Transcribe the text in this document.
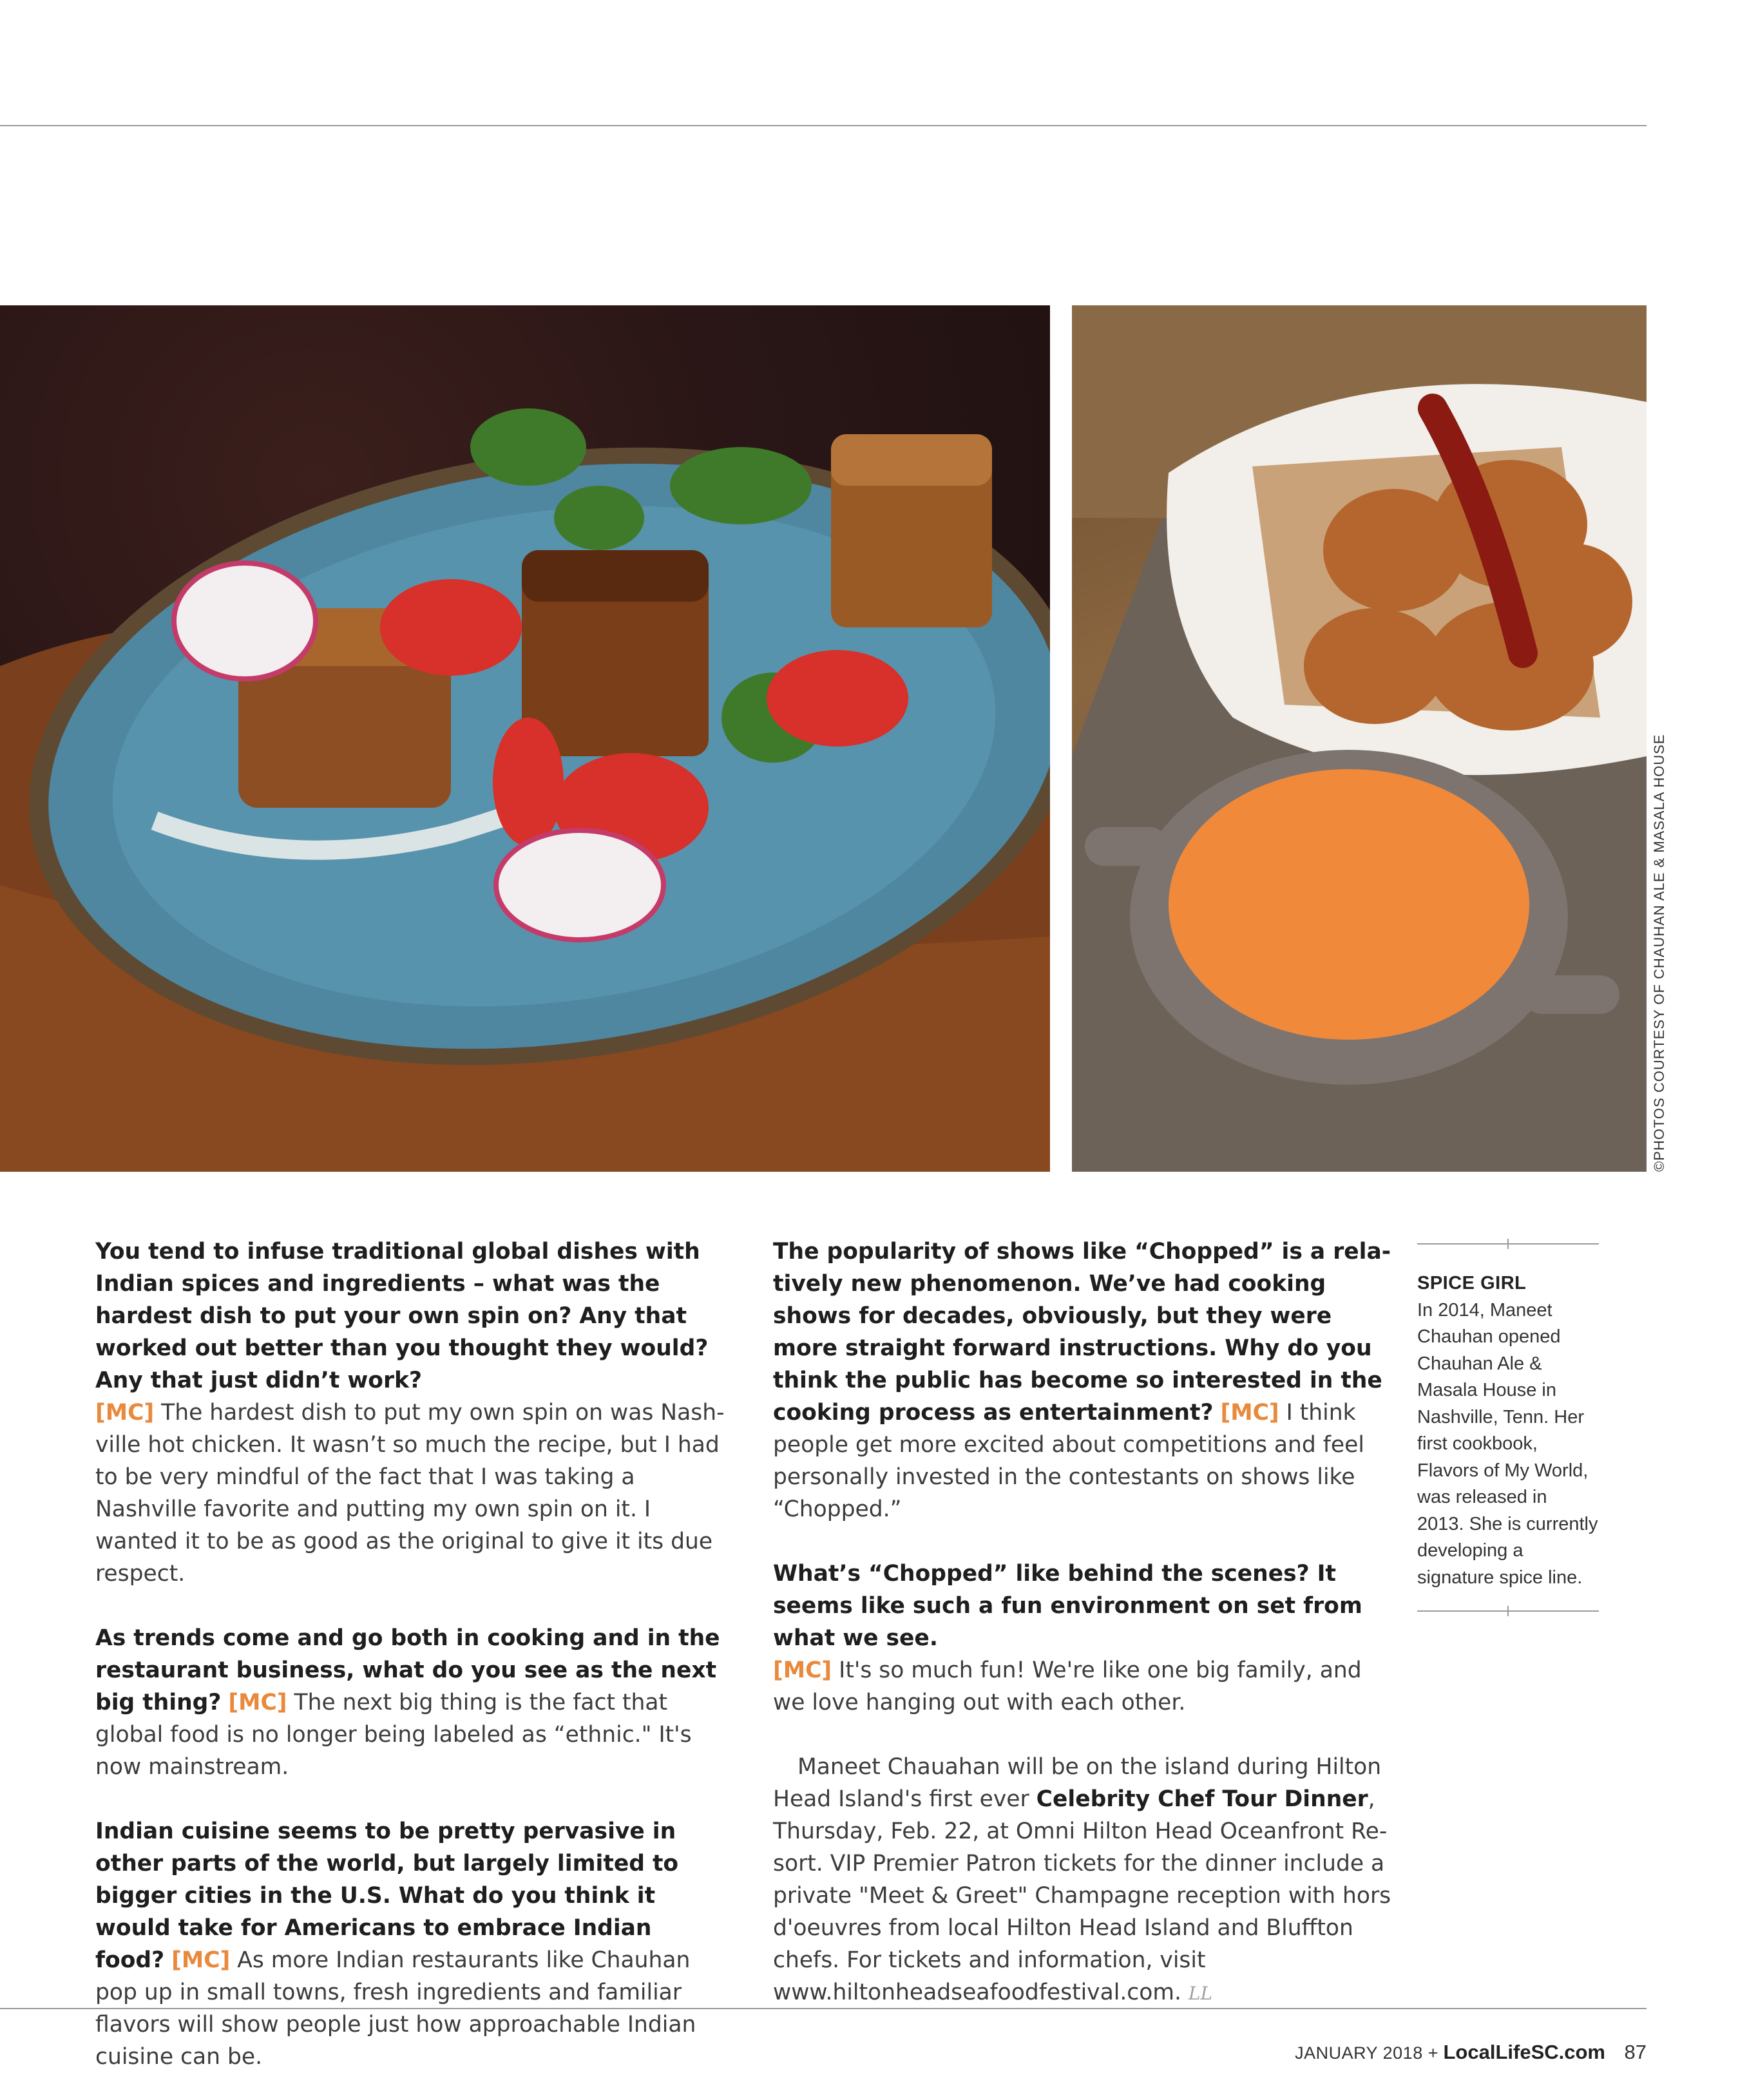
©PHOTOS COURTESY OF CHAUHAN ALE & MASALA HOUSE

You tend to infuse traditional global dishes with Indian spices and ingredients – what was the hardest dish to put your own spin on? Any that worked out better than you thought they would? Any that just didn’t work?
[MC] The hardest dish to put my own spin on was Nashville hot chicken. It wasn’t so much the recipe, but I had to be very mindful of the fact that I was taking a Nashville favorite and putting my own spin on it. I wanted it to be as good as the original to give it its due respect.

As trends come and go both in cooking and in the restaurant business, what do you see as the next big thing? [MC] The next big thing is the fact that global food is no longer being labeled as “ethnic." It's now mainstream.

Indian cuisine seems to be pretty pervasive in other parts of the world, but largely limited to bigger cities in the U.S. What do you think it would take for Americans to embrace Indian food? [MC] As more Indian restaurants like Chauhan pop up in small towns, fresh ingredients and familiar flavors will show people just how approachable Indian cuisine can be.

The popularity of shows like “Chopped” is a relatively new phenomenon. We’ve had cooking shows for decades, obviously, but they were more straight forward instructions. Why do you think the public has become so interested in the cooking process as entertainment? [MC] I think people get more excited about competitions and feel personally invested in the contestants on shows like “Chopped.”

What’s “Chopped” like behind the scenes? It seems like such a fun environment on set from what we see.
[MC] It's so much fun! We're like one big family, and we love hanging out with each other.

Maneet Chauahan will be on the island during Hilton Head Island's first ever Celebrity Chef Tour Dinner, Thursday, Feb. 22, at Omni Hilton Head Oceanfront Resort. VIP Premier Patron tickets for the dinner include a private "Meet & Greet" Champagne reception with hors d'oeuvres from local Hilton Head Island and Bluffton chefs. For tickets and information, visit www.hiltonheadseafoodfestival.com. LL

SPICE GIRL
In 2014, Maneet Chauhan opened Chauhan Ale & Masala House in Nashville, Tenn. Her first cookbook, Flavors of My World, was released in 2013. She is currently developing a signature spice line.
JANUARY 2018 + LocalLifeSC.com 87
